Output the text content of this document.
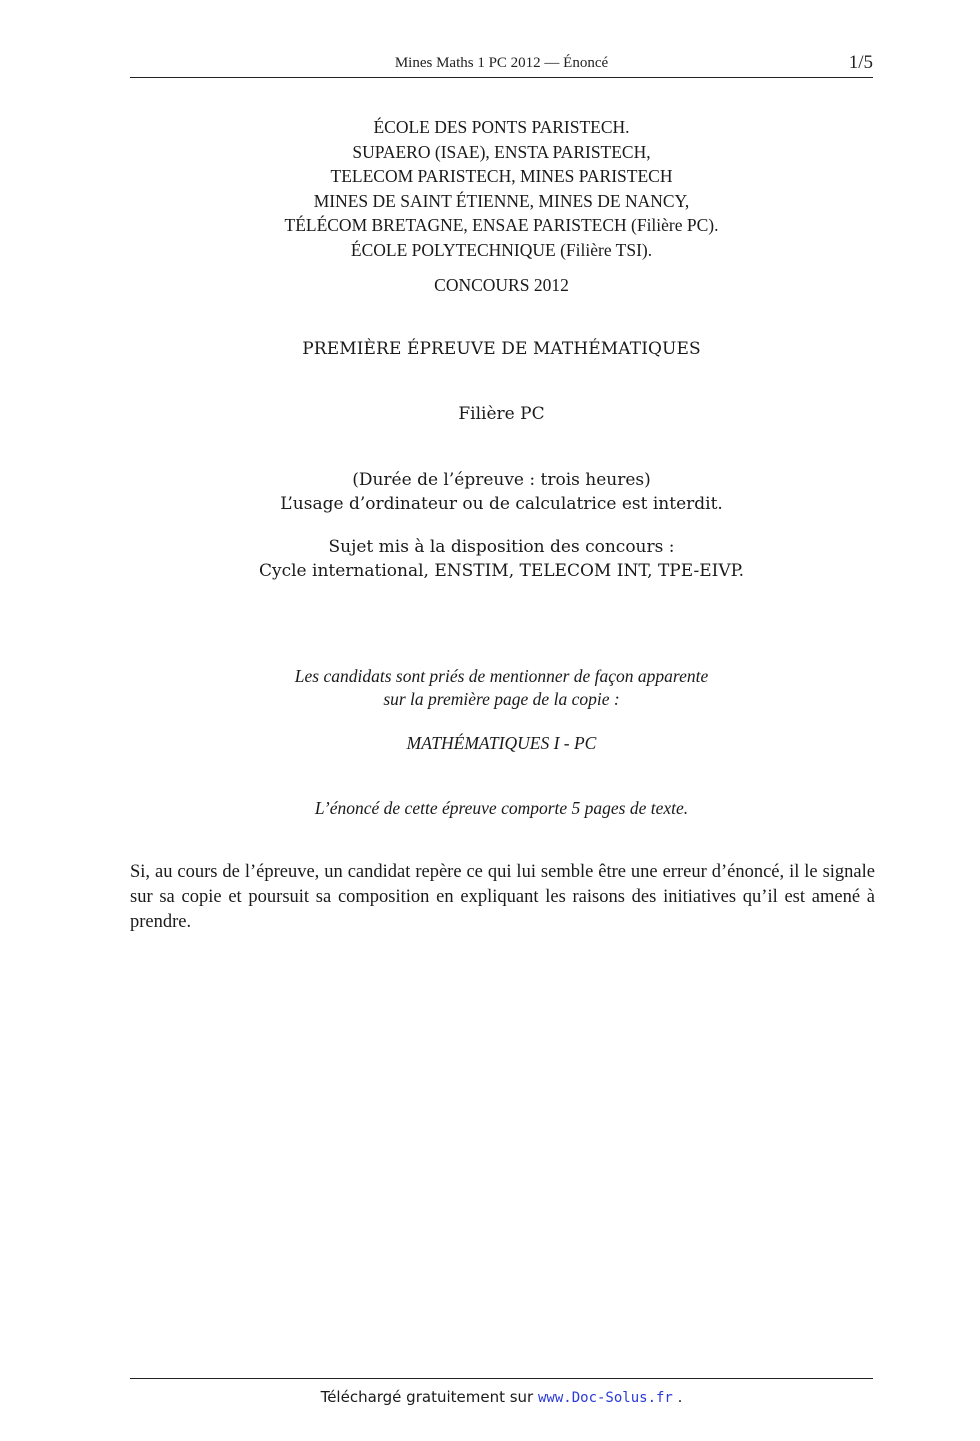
Mines Maths 1 PC 2012 — Énoncé	1/5
ÉCOLE DES PONTS PARISTECH.
SUPAERO (ISAE), ENSTA PARISTECH,
TELECOM PARISTECH, MINES PARISTECH
MINES DE SAINT ÉTIENNE, MINES DE NANCY,
TÉLÉCOM BRETAGNE, ENSAE PARISTECH (Filière PC).
ÉCOLE POLYTECHNIQUE (Filière TSI).
CONCOURS 2012
PREMIÈRE ÉPREUVE DE MATHÉMATIQUES
Filière PC
(Durée de l’épreuve : trois heures)
L’usage d’ordinateur ou de calculatrice est interdit.
Sujet mis à la disposition des concours :
Cycle international, ENSTIM, TELECOM INT, TPE-EIVP.
Les candidats sont priés de mentionner de façon apparente
sur la première page de la copie :
MATHÉMATIQUES I - PC
L’énoncé de cette épreuve comporte 5 pages de texte.
Si, au cours de l’épreuve, un candidat repère ce qui lui semble être une erreur d’énoncé, il le signale sur sa copie et poursuit sa composition en expliquant les raisons des initiatives qu’il est amené à prendre.
Téléchargé gratuitement sur www.Doc-Solus.fr .
